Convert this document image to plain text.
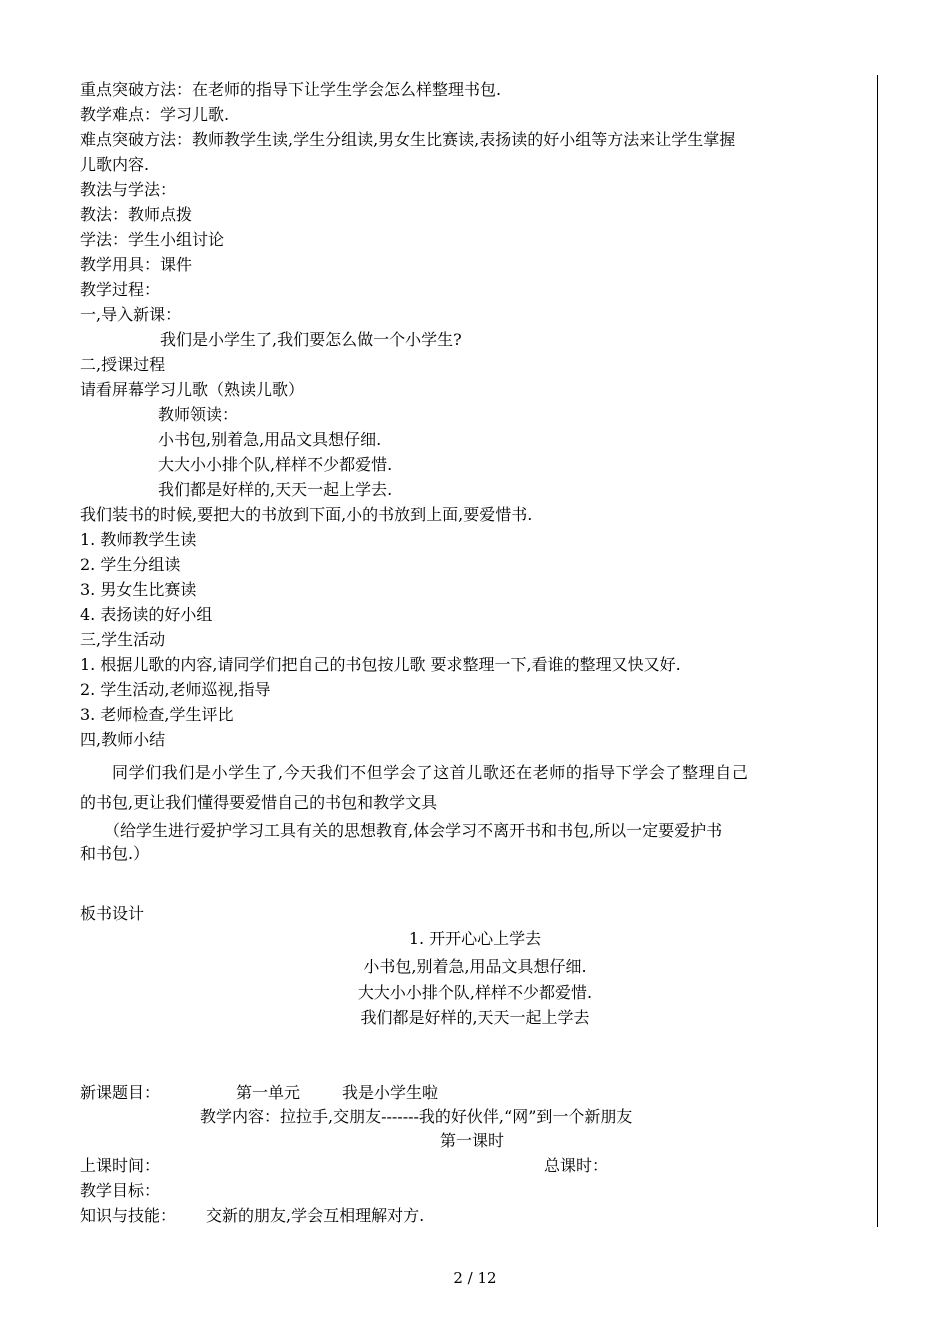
重点突破方法：在老师的指导下让学生学会怎么样整理书包.
教学难点：学习儿歌.
难点突破方法：教师教学生读,学生分组读,男女生比赛读,表扬读的好小组等方法来让学生掌握
儿歌内容.
教法与学法：
教法：教师点拨
学法：学生小组讨论
教学用具：课件
教学过程：
一,导入新课：
我们是小学生了,我们要怎么做一个小学生?
二,授课过程
请看屏幕学习儿歌（熟读儿歌）
教师领读：
小书包,别着急,用品文具想仔细.
大大小小排个队,样样不少都爱惜.
我们都是好样的,天天一起上学去.
我们装书的时候,要把大的书放到下面,小的书放到上面,要爱惜书.
1. 教师教学生读
2. 学生分组读
3. 男女生比赛读
4. 表扬读的好小组
三,学生活动
1. 根据儿歌的内容,请同学们把自己的书包按儿歌 要求整理一下,看谁的整理又快又好.
2. 学生活动,老师巡视,指导
3. 老师检查,学生评比
四,教师小结
同学们我们是小学生了,今天我们不但学会了这首儿歌还在老师的指导下学会了整理自己
的书包,更让我们懂得要爱惜自己的书包和教学文具
（给学生进行爱护学习工具有关的思想教育,体会学习不离开书和书包,所以一定要爱护书
和书包.）
板书设计
1. 开开心心上学去
小书包,别着急,用品文具想仔细.
大大小小排个队,样样不少都爱惜.
我们都是好样的,天天一起上学去
新课题目：	第一单元	我是小学生啦
教学内容：拉拉手,交朋友-------我的好伙伴,“网”到一个新朋友
第一课时
上课时间：	总课时：
教学目标：
知识与技能： 交新的朋友,学会互相理解对方.
2 / 12
